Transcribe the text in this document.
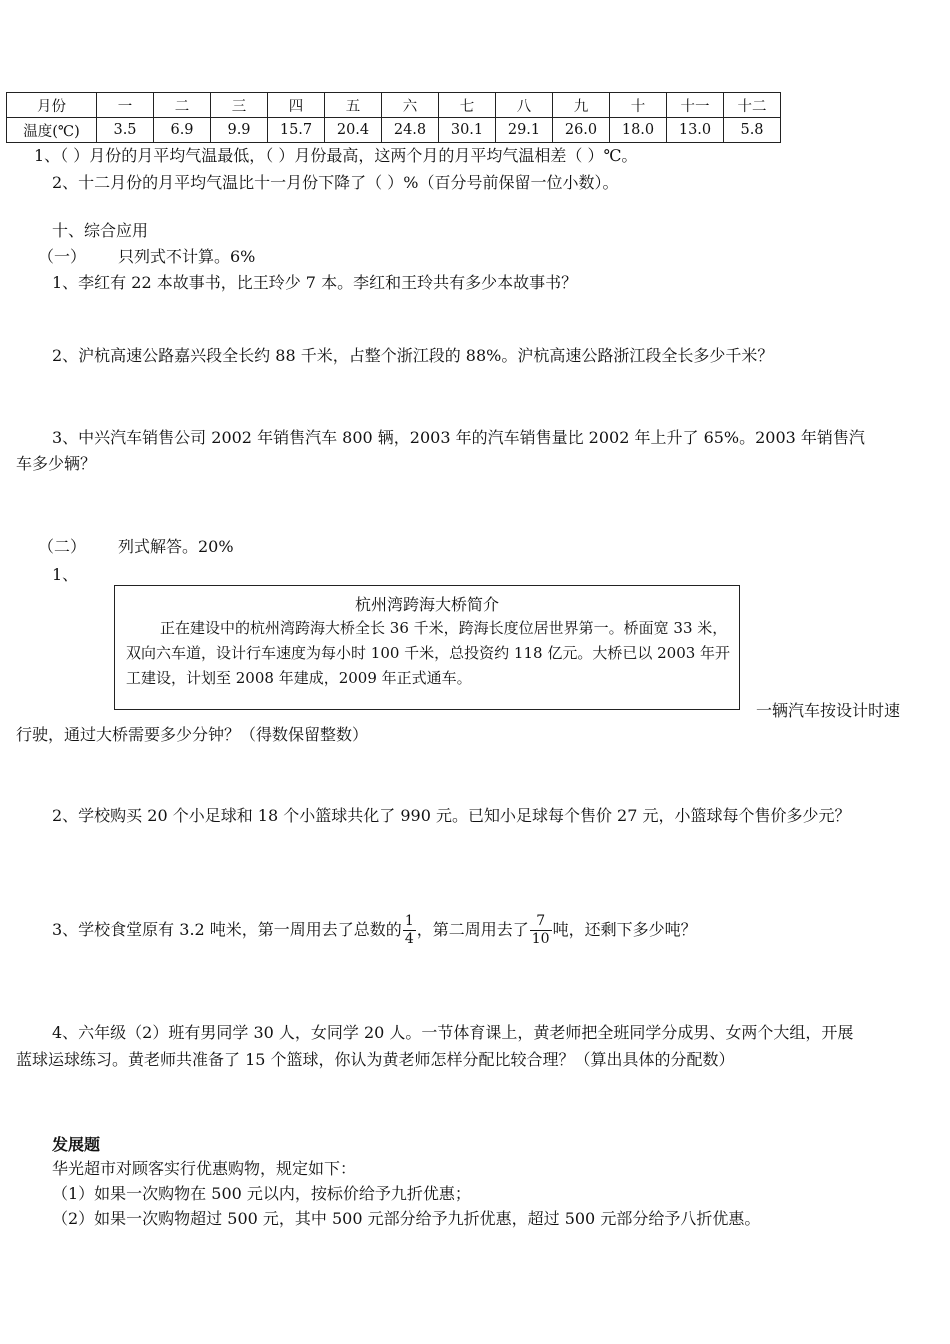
月份	一	二	三	四	五	六	七	八	九	十	十一	十二
温度(℃)	3.5	6.9	9.9	15.7	20.4	24.8	30.1	29.1	26.0	18.0	13.0	5.8
1、（ ）月份的月平均气温最低，（ ）月份最高，这两个月的月平均气温相差（ ）℃。
2、十二月份的月平均气温比十一月份下降了（ ）%（百分号前保留一位小数）。
十、综合应用
（一） 只列式不计算。6%
1、李红有 22 本故事书，比王玲少 7 本。李红和王玲共有多少本故事书？
2、沪杭高速公路嘉兴段全长约 88 千米，占整个浙江段的 88%。沪杭高速公路浙江段全长多少千米？
3、中兴汽车销售公司 2002 年销售汽车 800 辆，2003 年的汽车销售量比 2002 年上升了 65%。2003 年销售汽
车多少辆？
（二） 列式解答。20%
1、
杭州湾跨海大桥简介
正在建设中的杭州湾跨海大桥全长 36 千米，跨海长度位居世界第一。桥面宽 33 米，双向六车道，设计行车速度为每小时 100 千米，总投资约 118 亿元。大桥已以 2003 年开工建设，计划至 2008 年建成，2009 年正式通车。
一辆汽车按设计时速
行驶，通过大桥需要多少分钟？（得数保留整数）
2、学校购买 20 个小足球和 18 个小篮球共化了 990 元。已知小足球每个售价 27 元，小篮球每个售价多少元？
3、学校食堂原有 3.2 吨米，第一周用去了总数的 $\frac{1}{4}$ ，第二周用去了 $\frac{7}{10}$ 吨，还剩下多少吨？
4、六年级（2）班有男同学 30 人，女同学 20 人。一节体育课上，黄老师把全班同学分成男、女两个大组，开展
蓝球运球练习。黄老师共准备了 15 个篮球，你认为黄老师怎样分配比较合理？（算出具体的分配数）
发展题
华光超市对顾客实行优惠购物，规定如下：
（1）如果一次购物在 500 元以内，按标价给予九折优惠；
（2）如果一次购物超过 500 元，其中 500 元部分给予九折优惠，超过 500 元部分给予八折优惠。
